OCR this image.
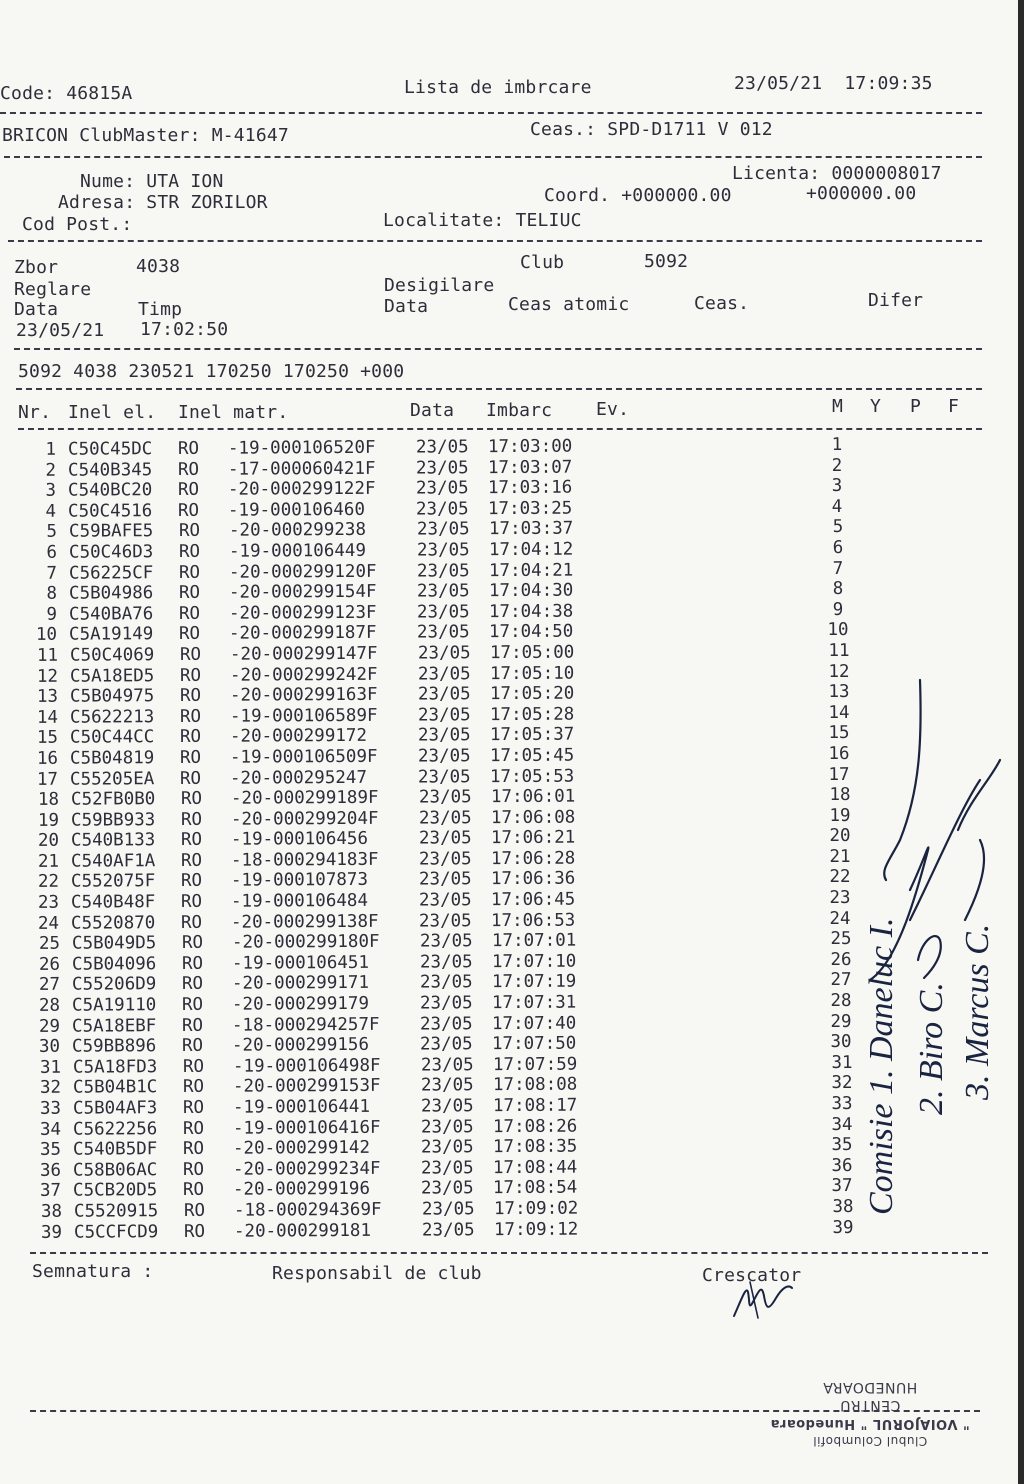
Code: 46815A	Lista de imbrcare	23/05/21  17:09:35
BRICON ClubMaster: M-41647	Ceas.: SPD-D1711 V 012
Nume: UTA ION
Adresa: STR ZORILOR
Cod Post.:
Licenta: 0000008017
Coord. +000000.00	+000000.00
Localitate: TELIUC
Zbor	4038	Club	5092
Reglare	Desigilare
Data	Timp	Data	Ceas atomic	Ceas.	Difer
23/05/21 17:02:50
5092 4038 230521 170250 170250 +000
Nr. Inel el. Inel matr.	Data Imbarc Ev.	M Y P F
1 C50C45DC RO -19-000106520F 23/05 17:03:00	1
2 C540B345 RO -17-000060421F 23/05 17:03:07	2
3 C540BC20 RO -20-000299122F 23/05 17:03:16	3
4 C50C4516 RO -19-000106460	23/05 17:03:25	4
5 C59BAFE5 RO -20-000299238	23/05 17:03:37	5
6 C50C46D3 RO -19-000106449	23/05 17:04:12	6
7 C56225CF RO -20-000299120F 23/05 17:04:21	7
8 C5B04986 RO -20-000299154F 23/05 17:04:30	8
9 C540BA76 RO -20-000299123F 23/05 17:04:38	9
10 C5A19149 RO -20-000299187F 23/05 17:04:50	10
11 C50C4069 RO -20-000299147F 23/05 17:05:00	11
12 C5A18ED5 RO -20-000299242F 23/05 17:05:10	12
13 C5B04975 RO -20-000299163F 23/05 17:05:20	13
14 C5622213 RO -19-000106589F 23/05 17:05:28	14
15 C50C44CC RO -20-000299172	23/05 17:05:37	15
16 C5B04819 RO -19-000106509F 23/05 17:05:45	16
17 C55205EA RO -20-000295247	23/05 17:05:53	17
18 C52FB0B0 RO -20-000299189F 23/05 17:06:01	18
19 C59BB933 RO -20-000299204F 23/05 17:06:08	19
20 C540B133 RO -19-000106456	23/05 17:06:21	20
21 C540AF1A RO -18-000294183F 23/05 17:06:28	21
22 C552075F RO -19-000107873	23/05 17:06:36	22
23 C540B48F RO -19-000106484	23/05 17:06:45	23
24 C5520870 RO -20-000299138F 23/05 17:06:53	24
25 C5B049D5 RO -20-000299180F 23/05 17:07:01	25
26 C5B04096 RO -19-000106451	23/05 17:07:10	26
27 C55206D9 RO -20-000299171	23/05 17:07:19	27
28 C5A19110 RO -20-000299179	23/05 17:07:31	28
29 C5A18EBF RO -18-000294257F 23/05 17:07:40	29
30 C59BB896 RO -20-000299156	23/05 17:07:50	30
31 C5A18FD3 RO -19-000106498F 23/05 17:07:59	31
32 C5B04B1C RO -20-000299153F 23/05 17:08:08	32
33 C5B04AF3 RO -19-000106441	23/05 17:08:17	33
34 C5622256 RO -19-000106416F 23/05 17:08:26	34
35 C540B5DF RO -20-000299142	23/05 17:08:35	35
36 C58B06AC RO -20-000299234F 23/05 17:08:44	36
37 C5CB20D5 RO -20-000299196	23/05 17:08:54	37
38 C5520915 RO -18-000294369F 23/05 17:09:02	38
39 C5CCFCD9 RO -20-000299181	23/05 17:09:12	39
Comisie 1. Daneluc I. 2. Biro C. 3. Marcus C.
Semnatura :	Responsabil de club	Crescator
Clubul Columbofil
" VOIAJORUL " Hunedoara
CENTRU
HUNEDOARA
